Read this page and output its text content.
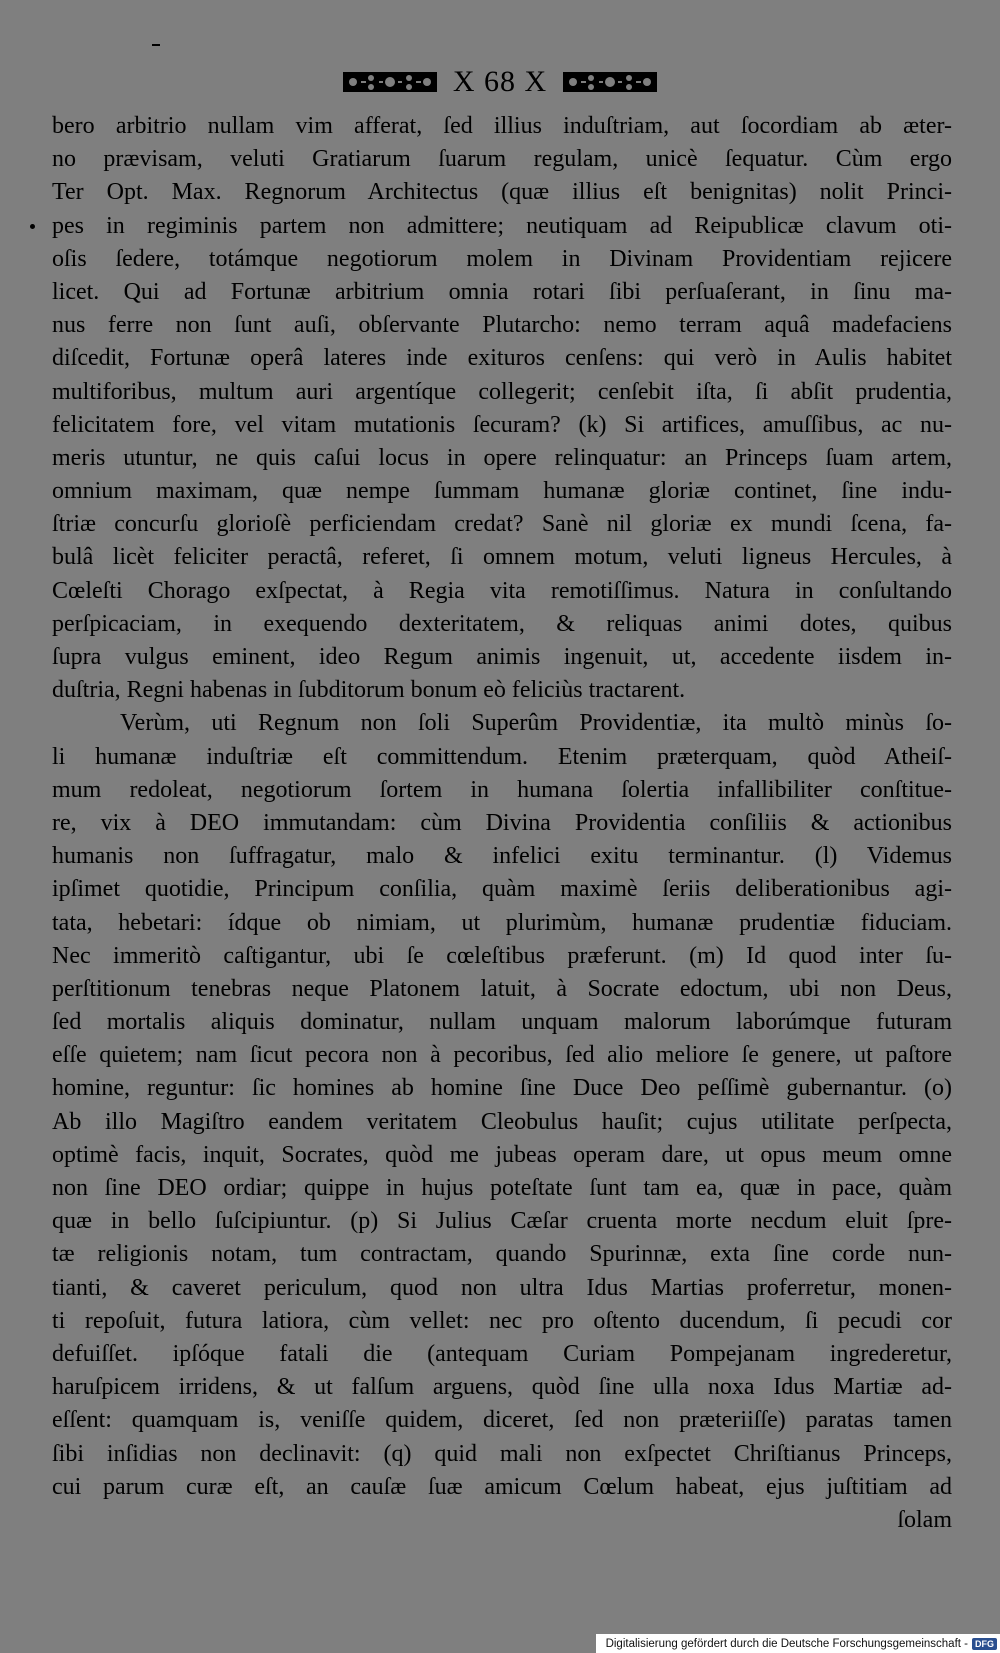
X 68 X
bero arbitrio nullam vim afferat, ſed illius induſtriam, aut ſocordiam ab æter-
no prævisam, veluti Gratiarum ſuarum regulam, unicè ſequatur. Cùm ergo
Ter Opt. Max. Regnorum Architectus (quæ illius eſt benignitas) nolit Princi-
pes in regiminis partem non admittere; neutiquam ad Reipublicæ clavum oti-
oſis ſedere, totámque negotiorum molem in Divinam Providentiam rejicere
licet. Qui ad Fortunæ arbitrium omnia rotari ſibi perſuaſerant, in ſinu ma-
nus ferre non ſunt auſi, obſervante Plutarcho: nemo terram aquâ madefaciens
diſcedit, Fortunæ operâ lateres inde exituros cenſens: qui verò in Aulis habitet
multiforibus, multum auri argentíque collegerit; cenſebit iſta, ſi abſit prudentia,
felicitatem fore, vel vitam mutationis ſecuram? (k) Si artifices, amuſſibus, ac nu-
meris utuntur, ne quis caſui locus in opere relinquatur: an Princeps ſuam artem,
omnium maximam, quæ nempe ſummam humanæ gloriæ continet, ſine indu-
ſtriæ concurſu glorioſè perficiendam credat? Sanè nil gloriæ ex mundi ſcena, fa-
bulâ licèt feliciter peractâ, referet, ſi omnem motum, veluti ligneus Hercules, à
Cœleſti Chorago exſpectat, à Regia vita remotiſſimus. Natura in conſultando
perſpicaciam, in exequendo dexteritatem, & reliquas animi dotes, quibus
ſupra vulgus eminent, ideo Regum animis ingenuit, ut, accedente iisdem in-
duſtria, Regni habenas in ſubditorum bonum eò feliciùs tractarent.
Verùm, uti Regnum non ſoli Superûm Providentiæ, ita multò minùs ſo-
li humanæ induſtriæ eſt committendum. Etenim præterquam, quòd Atheiſ-
mum redoleat, negotiorum ſortem in humana ſolertia infallibiliter conſtitue-
re, vix à DEO immutandam: cùm Divina Providentia conſiliis & actionibus
humanis non ſuffragatur, malo & infelici exitu terminantur. (l) Videmus
ipſimet quotidie, Principum conſilia, quàm maximè ſeriis deliberationibus agi-
tata, hebetari: ídque ob nimiam, ut plurimùm, humanæ prudentiæ fiduciam.
Nec immeritò caſtigantur, ubi ſe cœleſtibus præferunt. (m) Id quod inter ſu-
perſtitionum tenebras neque Platonem latuit, à Socrate edoctum, ubi non Deus,
ſed mortalis aliquis dominatur, nullam unquam malorum laborúmque futuram
eſſe quietem; nam ſicut pecora non à pecoribus, ſed alio meliore ſe genere, ut paſtore
homine, reguntur: ſic homines ab homine ſine Duce Deo peſſimè gubernantur. (o)
Ab illo Magiſtro eandem veritatem Cleobulus hauſit; cujus utilitate perſpecta,
optimè facis, inquit, Socrates, quòd me jubeas operam dare, ut opus meum omne
non ſine DEO ordiar; quippe in hujus poteſtate ſunt tam ea, quæ in pace, quàm
quæ in bello ſuſcipiuntur. (p) Si Julius Cæſar cruenta morte necdum eluit ſpre-
tæ religionis notam, tum contractam, quando Spurinnæ, exta ſine corde nun-
tianti, & caveret periculum, quod non ultra Idus Martias proferretur, monen-
ti repoſuit, futura latiora, cùm vellet: nec pro oſtento ducendum, ſi pecudi cor
defuiſſet. ipſóque fatali die (antequam Curiam Pompejanam ingrederetur,
haruſpicem irridens, & ut falſum arguens, quòd ſine ulla noxa Idus Martiæ ad-
eſſent: quamquam is, veniſſe quidem, diceret, ſed non præteriiſſe) paratas tamen
ſibi inſidias non declinavit: (q) quid mali non exſpectet Chriſtianus Princeps,
cui parum curæ eſt, an cauſæ ſuæ amicum Cœlum habeat, ejus juſtitiam ad
ſolam
Digitalisierung gefördert durch die Deutsche Forschungsgemeinschaft - DFG
